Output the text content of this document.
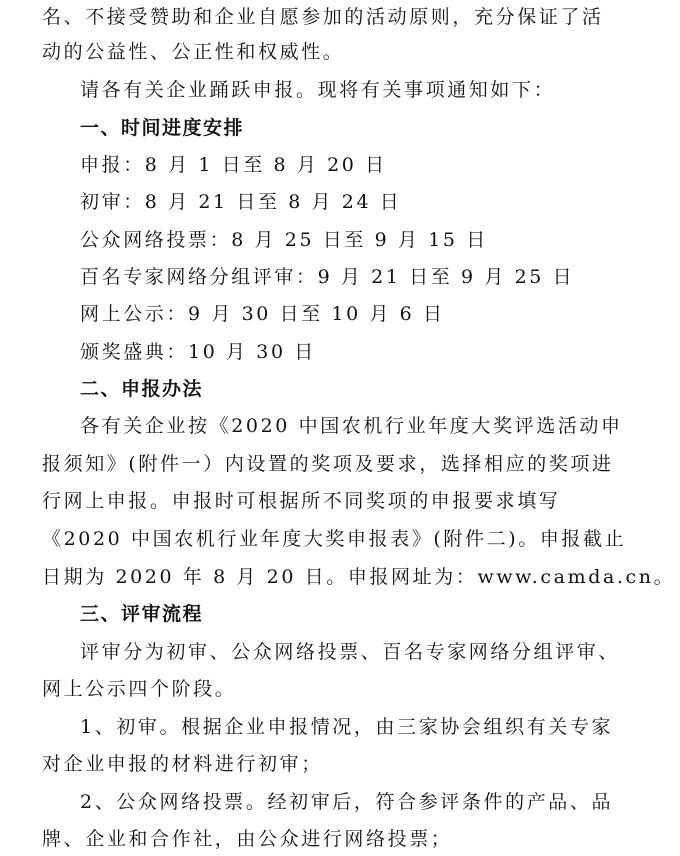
名、不接受赞助和企业自愿参加的活动原则，充分保证了活
动的公益性、公正性和权威性。
请各有关企业踊跃申报。现将有关事项通知如下：
一、时间进度安排
申报：8 月 1 日至 8 月 20 日
初审：8 月 21 日至 8 月 24 日
公众网络投票：8 月 25 日至 9 月 15 日
百名专家网络分组评审：9 月 21 日至 9 月 25 日
网上公示：9 月 30 日至 10 月 6 日
颁奖盛典：10 月 30 日
二、申报办法
各有关企业按《2020 中国农机行业年度大奖评选活动申
报须知》(附件一）内设置的奖项及要求，选择相应的奖项进
行网上申报。申报时可根据所不同奖项的申报要求填写
《2020 中国农机行业年度大奖申报表》(附件二)。申报截止
日期为 2020 年 8 月 20 日。申报网址为：www.camda.cn。
三、评审流程
评审分为初审、公众网络投票、百名专家网络分组评审、
网上公示四个阶段。
1、初审。根据企业申报情况，由三家协会组织有关专家
对企业申报的材料进行初审；
2、公众网络投票。经初审后，符合参评条件的产品、品
牌、企业和合作社，由公众进行网络投票；
